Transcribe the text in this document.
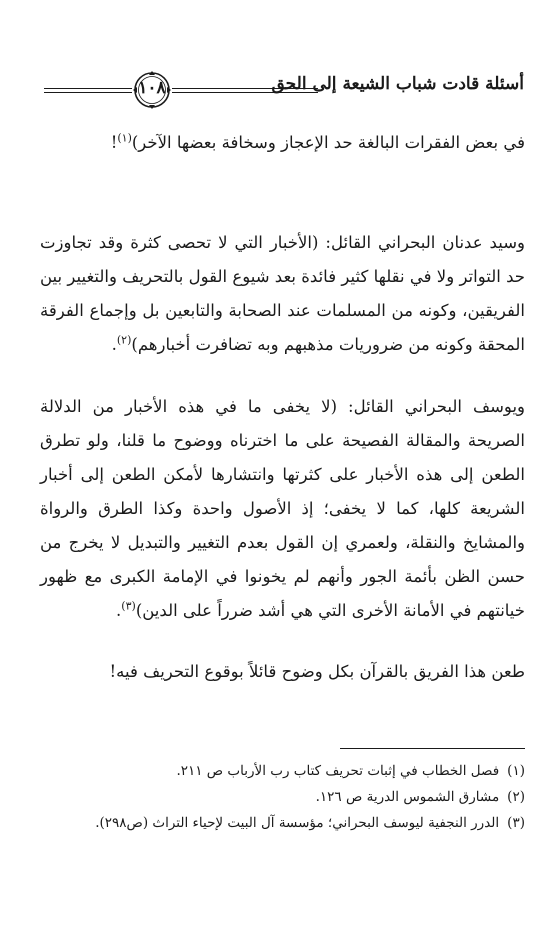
أسئلة قادت شباب الشيعة إلى الحق
١٠٨
في بعض الفقرات البالغة حد الإعجاز وسخافة بعضها الآخر)$^{(١)}$!
وسيد عدنان البحراني القائل: (الأخبار التي لا تحصى كثرة وقد تجاوزت حد التواتر ولا في نقلها كثير فائدة بعد شيوع القول بالتحريف والتغيير بين الفريقين، وكونه من المسلمات عند الصحابة والتابعين بل وإجماع الفرقة المحقة وكونه من ضروريات مذهبهم وبه تضافرت أخبارهم)$^{(٢)}$.
ويوسف البحراني القائل: (لا يخفى ما في هذه الأخبار من الدلالة الصريحة والمقالة الفصيحة على ما اخترناه ووضوح ما قلنا، ولو تطرق الطعن إلى هذه الأخبار على كثرتها وانتشارها لأمكن الطعن إلى أخبار الشريعة كلها، كما لا يخفى؛ إذ الأصول واحدة وكذا الطرق والرواة والمشايخ والنقلة، ولعمري إن القول بعدم التغيير والتبديل لا يخرج من حسن الظن بأئمة الجور وأنهم لم يخونوا في الإمامة الكبرى مع ظهور خيانتهم في الأمانة الأخرى التي هي أشد ضرراً على الدين)$^{(٣)}$.
طعن هذا الفريق بالقرآن بكل وضوح قائلاً بوقوع التحريف فيه!
(١)
فصل الخطاب في إثبات تحريف كتاب رب الأرباب ص ٢١١.
(٢)
مشارق الشموس الدرية ص ١٢٦.
(٣)
الدرر النجفية ليوسف البحراني؛ مؤسسة آل البيت لإحياء التراث (ص٢٩٨).
